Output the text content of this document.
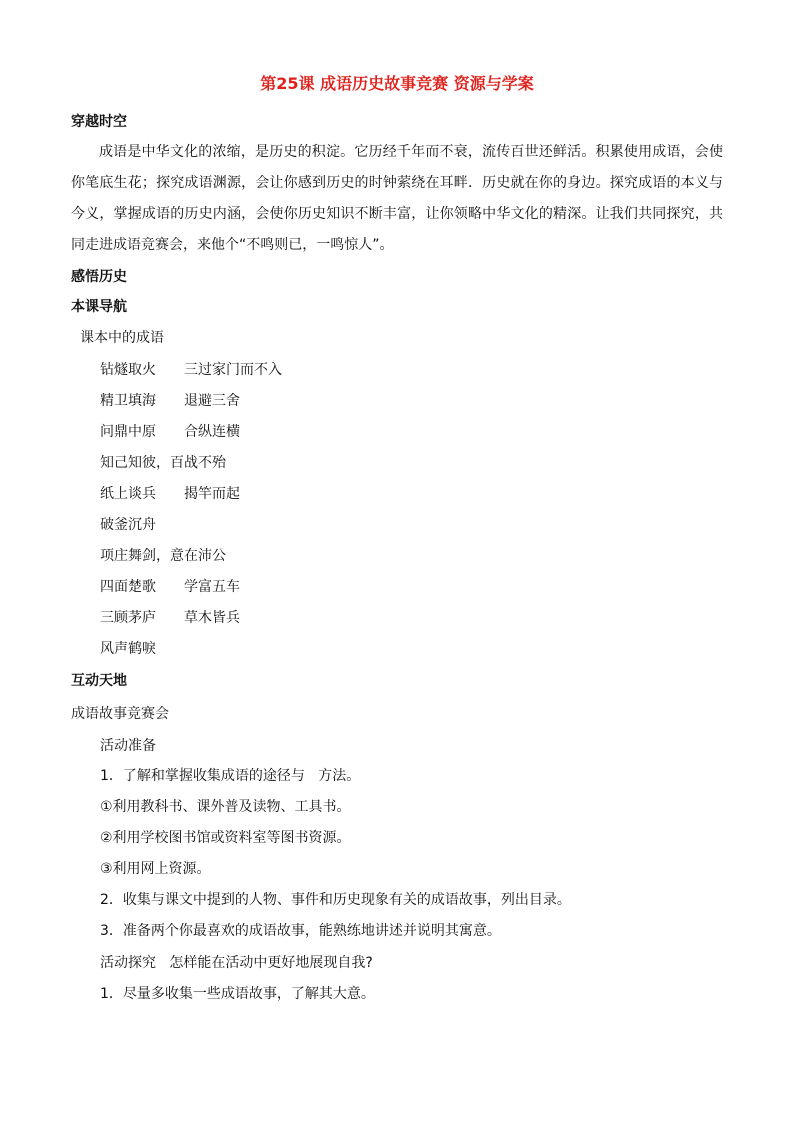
第25课 成语历史故事竞赛 资源与学案

穿越时空

成语是中华文化的浓缩，是历史的积淀。它历经千年而不衰，流传百世还鲜活。积累使用成语，会使你笔底生花；探究成语渊源，会让你感到历史的时钟萦绕在耳畔．历史就在你的身边。探究成语的本义与今义，掌握成语的历史内涵，会使你历史知识不断丰富，让你领略中华文化的精深。让我们共同探究，共同走进成语竞赛会，来他个“不鸣则已，一鸣惊人”。

感悟历史

本课导航

课本中的成语

钻燧取火 三过家门而不入

精卫填海 退避三舍

问鼎中原 合纵连横

知己知彼，百战不殆

纸上谈兵 揭竿而起

破釜沉舟

项庄舞剑，意在沛公

四面楚歌 学富五车

三顾茅庐 草木皆兵

风声鹤唳

互动天地

成语故事竞赛会

活动准备

1．了解和掌握收集成语的途径与   方法。

①利用教科书、课外普及读物、工具书。

②利用学校图书馆或资料室等图书资源。

③利用网上资源。

2．收集与课文中提到的人物、事件和历史现象有关的成语故事，列出目录。

3．准备两个你最喜欢的成语故事，能熟练地讲述并说明其寓意。

活动探究   怎样能在活动中更好地展现自我?

1．尽量多收集一些成语故事，了解其大意。
